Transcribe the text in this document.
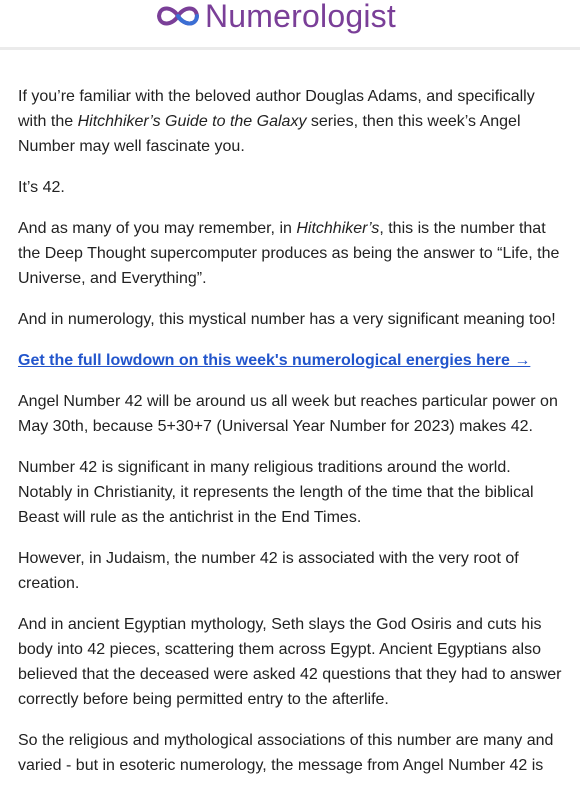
Numerologist

If you’re familiar with the beloved author Douglas Adams, and specifically with the Hitchhiker’s Guide to the Galaxy series, then this week’s Angel Number may well fascinate you.

It’s 42.

And as many of you may remember, in Hitchhiker’s, this is the number that the Deep Thought supercomputer produces as being the answer to “Life, the Universe, and Everything”.

And in numerology, this mystical number has a very significant meaning too!

Get the full lowdown on this week's numerological energies here →

Angel Number 42 will be around us all week but reaches particular power on May 30th, because 5+30+7 (Universal Year Number for 2023) makes 42.

Number 42 is significant in many religious traditions around the world. Notably in Christianity, it represents the length of the time that the biblical Beast will rule as the antichrist in the End Times.

However, in Judaism, the number 42 is associated with the very root of creation.

And in ancient Egyptian mythology, Seth slays the God Osiris and cuts his body into 42 pieces, scattering them across Egypt. Ancient Egyptians also believed that the deceased were asked 42 questions that they had to answer correctly before being permitted entry to the afterlife.

So the religious and mythological associations of this number are many and varied - but in esoteric numerology, the message from Angel Number 42 is
